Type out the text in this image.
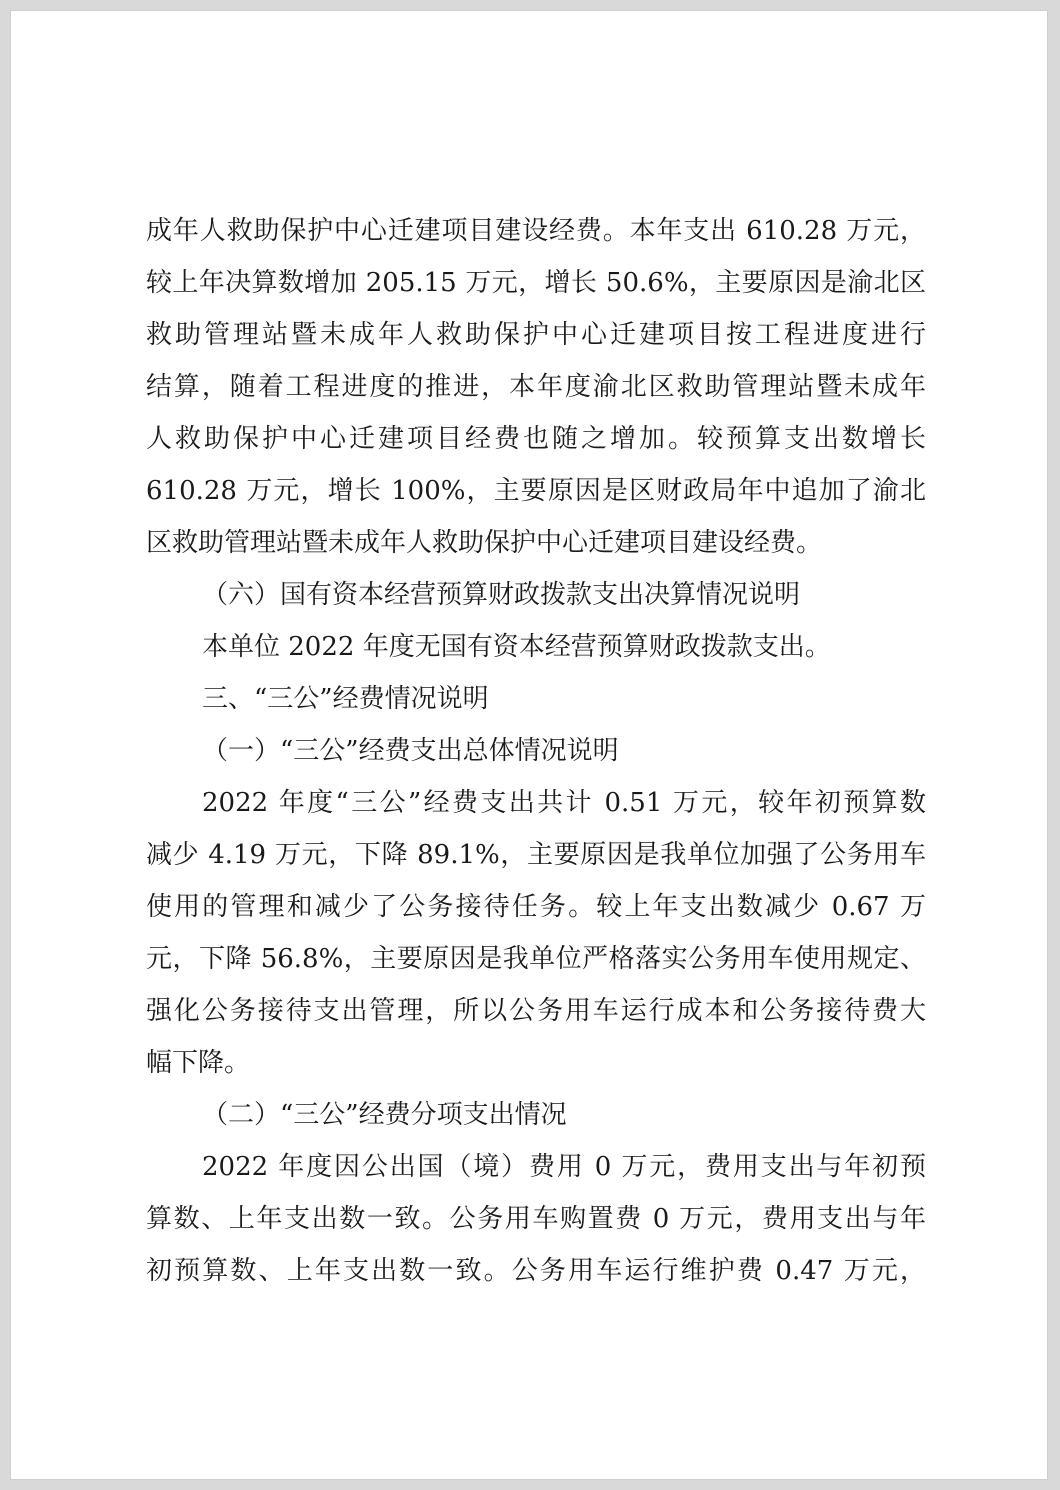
成年人救助保护中心迁建项目建设经费。本年支出 610.28 万元，
较上年决算数增加 205.15 万元，增长 50.6%，主要原因是渝北区
救助管理站暨未成年人救助保护中心迁建项目按工程进度进行
结算，随着工程进度的推进，本年度渝北区救助管理站暨未成年
人救助保护中心迁建项目经费也随之增加。较预算支出数增长
610.28 万元，增长 100%，主要原因是区财政局年中追加了渝北
区救助管理站暨未成年人救助保护中心迁建项目建设经费。
（六）国有资本经营预算财政拨款支出决算情况说明
本单位 2022 年度无国有资本经营预算财政拨款支出。
三、“三公”经费情况说明
（一）“三公”经费支出总体情况说明
2022 年度“三公”经费支出共计 0.51 万元，较年初预算数
减少 4.19 万元，下降 89.1%，主要原因是我单位加强了公务用车
使用的管理和减少了公务接待任务。较上年支出数减少 0.67 万
元，下降 56.8%，主要原因是我单位严格落实公务用车使用规定、
强化公务接待支出管理，所以公务用车运行成本和公务接待费大
幅下降。
（二）“三公”经费分项支出情况
2022 年度因公出国（境）费用 0 万元，费用支出与年初预
算数、上年支出数一致。公务用车购置费 0 万元，费用支出与年
初预算数、上年支出数一致。公务用车运行维护费 0.47 万元，
